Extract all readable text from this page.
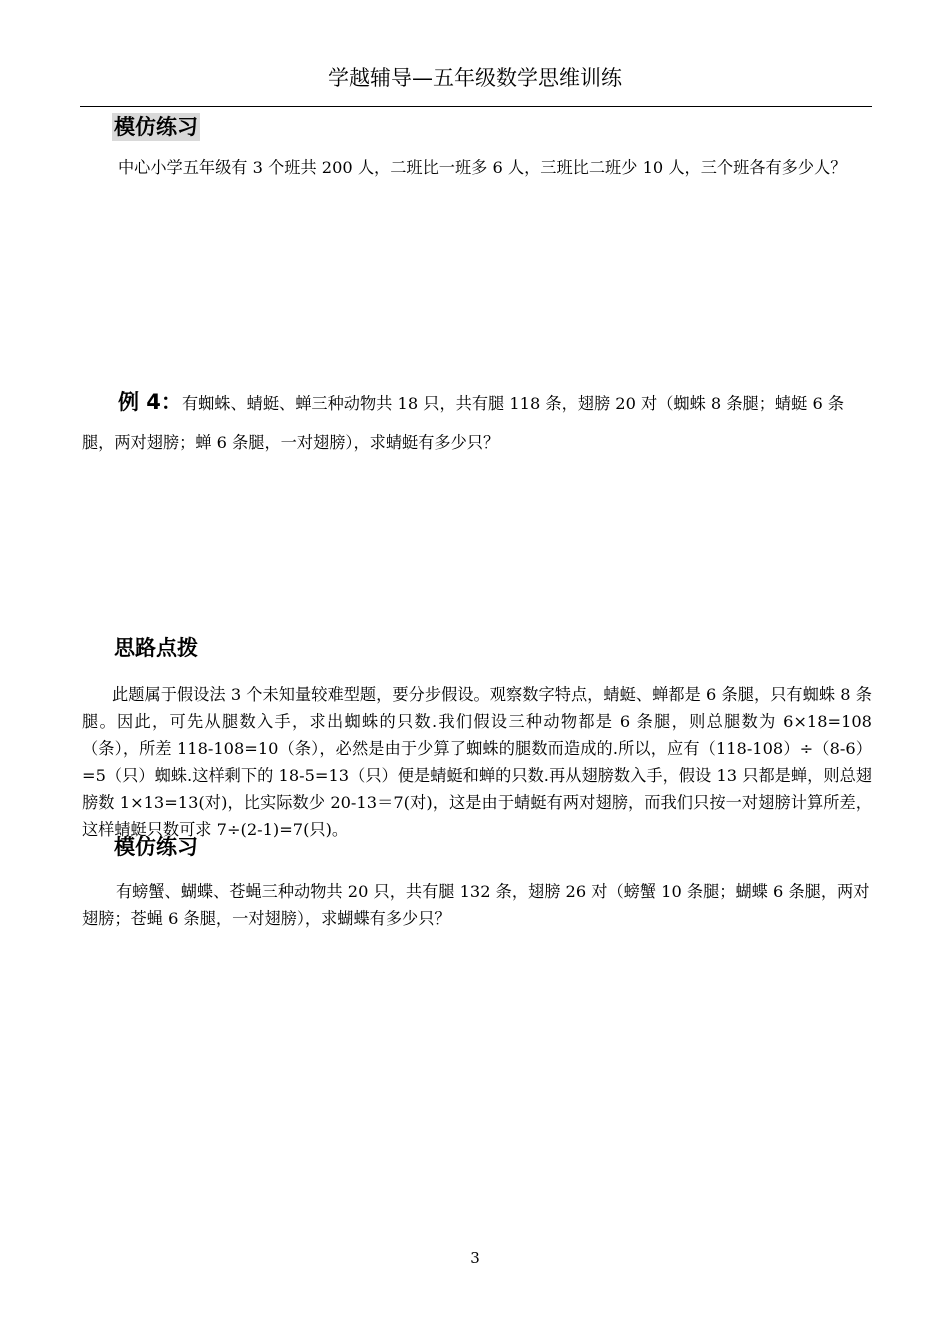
学越辅导—五年级数学思维训练
模仿练习
中心小学五年级有 3 个班共 200 人，二班比一班多 6 人，三班比二班少 10 人，三个班各有多少人？
例 4：有蜘蛛、蜻蜓、蝉三种动物共 18 只，共有腿 118 条，翅膀 20 对（蜘蛛 8 条腿；蜻蜓 6 条腿，两对翅膀；蝉 6 条腿，一对翅膀），求蜻蜓有多少只？
思路点拨
此题属于假设法 3 个未知量较难型题，要分步假设。观察数字特点，蜻蜓、蝉都是 6 条腿，只有蜘蛛 8 条腿。因此，可先从腿数入手，求出蜘蛛的只数.我们假设三种动物都是 6 条腿，则总腿数为 6×18=108（条），所差 118-108=10（条），必然是由于少算了蜘蛛的腿数而造成的.所以，应有（118-108）÷（8-6）=5（只）蜘蛛.这样剩下的 18-5=13（只）便是蜻蜓和蝉的只数.再从翅膀数入手，假设 13 只都是蝉，则总翅膀数 1×13=13(对)，比实际数少 20-13＝7(对)，这是由于蜻蜓有两对翅膀，而我们只按一对翅膀计算所差，这样蜻蜓只数可求 7÷(2-1)=7(只)。
模仿练习
有螃蟹、蝴蝶、苍蝇三种动物共 20 只，共有腿 132 条，翅膀 26 对（螃蟹 10 条腿；蝴蝶 6 条腿，两对翅膀；苍蝇 6 条腿，一对翅膀），求蝴蝶有多少只？
3
